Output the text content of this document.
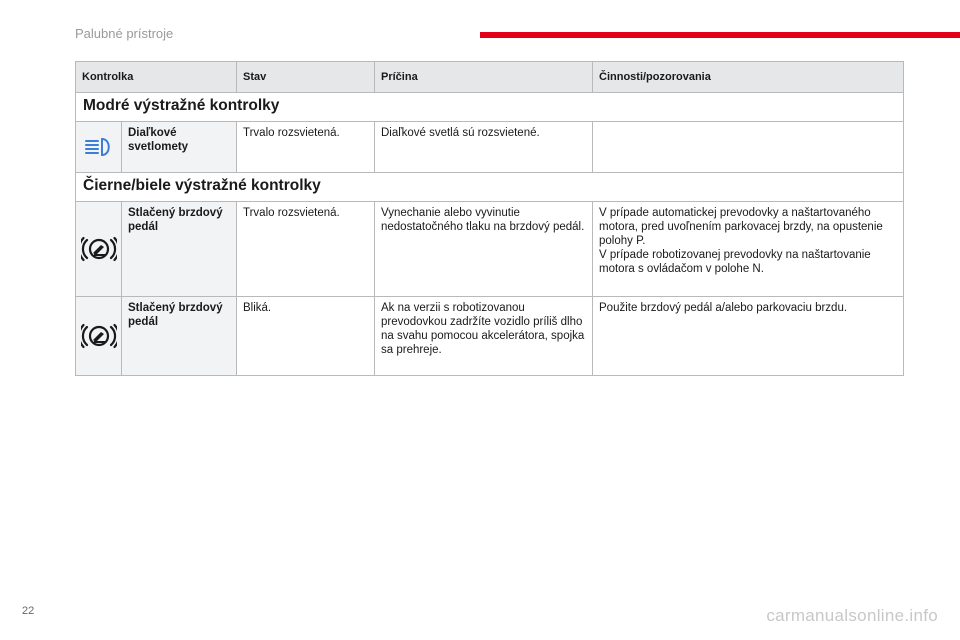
Palubné prístroje
Kontrolka		Stav	Príčina	Činnosti/pozorovania
Modré výstražné kontrolky				

	Diaľkové svetlomety	Trvalo rozsvietená.	Diaľkové svetlá sú rozsvietené.	
Čierne/biele výstražné kontrolky				

	Stlačený brzdový pedál	Trvalo rozsvietená.	Vynechanie alebo vyvinutie nedostatočného tlaku na brzdový pedál.	V prípade automatickej prevodovky a naštartovaného motora, pred uvoľnením parkovacej brzdy, na opustenie polohy P.
V prípade robotizovanej prevodovky na naštartovanie motora s ovládačom v polohe N.

	Stlačený brzdový pedál	Bliká.	Ak na verzii s robotizovanou prevodovkou zadržíte vozidlo príliš dlho na svahu pomocou akcelerátora, spojka sa prehreje.	Použite brzdový pedál a/alebo parkovaciu brzdu.
22	carmanualsonline.info
